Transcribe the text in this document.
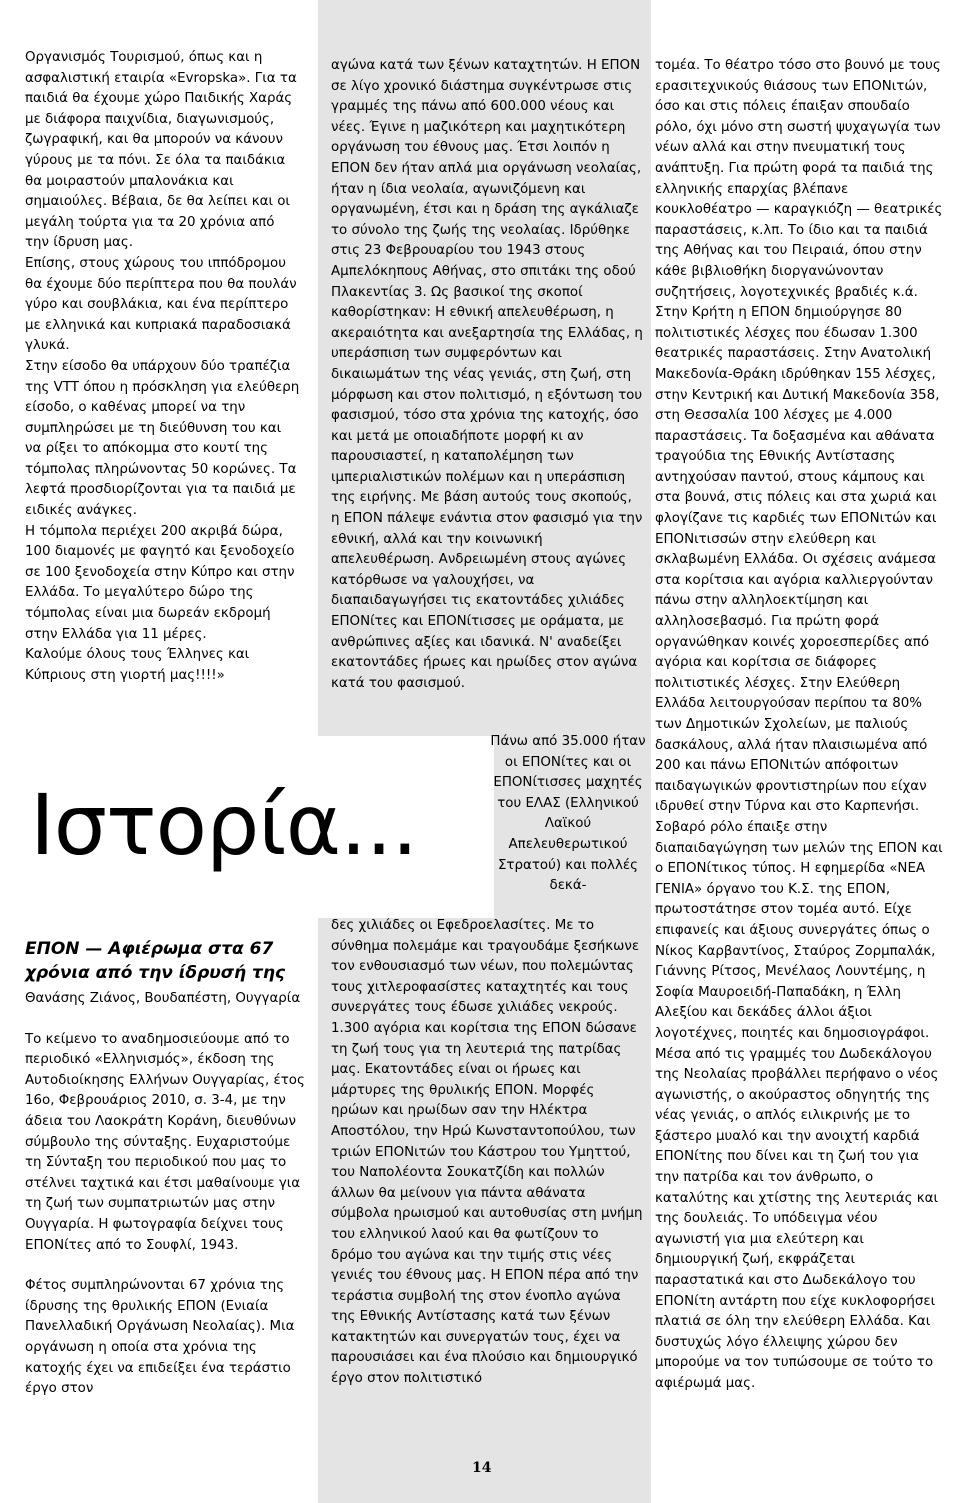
Οργανισμός Τουρισμού, όπως και η ασφαλιστική εταιρία «Evropska». Για τα παιδιά θα έχουμε χώρο Παιδικής Χαράς με διάφορα παιχνίδια, διαγωνισμούς, ζωγραφική, και θα μπορούν να κάνουν γύρους με τα πόνι. Σε όλα τα παιδάκια θα μοιραστούν μπαλονάκια και σημαιούλες. Βέβαια, δε θα λείπει και οι μεγάλη τούρτα για τα 20 χρόνια από την ίδρυση μας.

Επίσης, στους χώρους του ιππόδρομου θα έχουμε δύο περίπτερα που θα πουλάν γύρο και σουβλάκια, και ένα περίπτερο με ελληνικά και κυπριακά παραδοσιακά γλυκά.

Στην είσοδο θα υπάρχουν δύο τραπέζια της VTT όπου η πρόσκληση για ελεύθερη είσοδο, ο καθένας μπορεί να την συμπληρώσει με τη διεύθυνση του και να ρίξει το απόκομμα στο κουτί της τόμπολας πληρώνοντας 50 κορώνες. Τα λεφτά προσδιορίζονται για τα παιδιά με ειδικές ανάγκες.

Η τόμπολα περιέχει 200 ακριβά δώρα, 100 διαμονές με φαγητό και ξενοδοχείο σε 100 ξενοδοχεία στην Κύπρο και στην Ελλάδα. Το μεγαλύτερο δώρο της τόμπολας είναι μια δωρεάν εκδρομή στην Ελλάδα για 11 μέρες.

Καλούμε όλους τους Έλληνες και Κύπριους στη γιορτή μας!!!!»

Ιστορία...

ΕΠΟΝ — Αφιέρωμα στα 67 χρόνια από την ίδρυσή της

Θανάσης Ζιάνος, Βουδαπέστη, Ουγγαρία

Το κείμενο το αναδημοσιεύουμε από το περιοδικό «Ελληνισμός», έκδοση της Αυτοδιοίκησης Ελλήνων Ουγγαρίας, έτος 16ο, Φεβρουάριος 2010, σ. 3-4, με την άδεια του Λαοκράτη Κοράνη, διευθύνων σύμβουλο της σύνταξης. Ευχαριστούμε τη Σύνταξη του περιοδικού που μας το στέλνει ταχτικά και έτσι μαθαίνουμε για τη ζωή των συμπατριωτών μας στην Ουγγαρία. Η φωτογραφία δείχνει τους ΕΠΟΝίτες από το Σουφλί, 1943.

Φέτος συμπληρώνονται 67 χρόνια της ίδρυσης της θρυλικής ΕΠΟΝ (Ενιαία Πανελλαδική Οργάνωση Νεολαίας). Μια οργάνωση η οποία στα χρόνια της κατοχής έχει να επιδείξει ένα τεράστιο έργο στον

αγώνα κατά των ξένων καταχτητών. Η ΕΠΟΝ σε λίγο χρονικό διάστημα συγκέντρωσε στις γραμμές της πάνω από 600.000 νέους και νέες. Έγινε η μαζικότερη και μαχητικότερη οργάνωση του έθνους μας. Έτσι λοιπόν η ΕΠΟΝ δεν ήταν απλά μια οργάνωση νεολαίας, ήταν η ίδια νεολαία, αγωνιζόμενη και οργανωμένη, έτσι και η δράση της αγκάλιαζε το σύνολο της ζωής της νεολαίας. Ιδρύθηκε στις 23 Φεβρουαρίου του 1943 στους Αμπελόκηπους Αθήνας, στο σπιτάκι της οδού Πλακεντίας 3. Ως βασικοί της σκοποί καθορίστηκαν: Η εθνική απελευθέρωση, η ακεραιότητα και ανεξαρτησία της Ελλάδας, η υπεράσπιση των συμφερόντων και δικαιωμάτων της νέας γενιάς, στη ζωή, στη μόρφωση και στον πολιτισμό, η εξόντωση του φασισμού, τόσο στα χρόνια της κατοχής, όσο και μετά με οποιαδήποτε μορφή κι αν παρουσιαστεί, η καταπολέμηση των ιμπεριαλιστικών πολέμων και η υπεράσπιση της ειρήνης. Με βάση αυτούς τους σκοπούς, η ΕΠΟΝ πάλεψε ενάντια στον φασισμό για την εθνική, αλλά και την κοινωνική απελευθέρωση. Ανδρειωμένη στους αγώνες κατόρθωσε να γαλουχήσει, να διαπαιδαγωγήσει τις εκατοντάδες χιλιάδες ΕΠΟΝίτες και ΕΠΟΝίτισσες με οράματα, με ανθρώπινες αξίες και ιδανικά. Ν' αναδείξει εκατοντάδες ήρωες και ηρωίδες στον αγώνα κατά του φασισμού.

Πάνω από 35.000 ήταν οι ΕΠΟΝίτες και οι ΕΠΟΝίτισσες μαχητές του ΕΛΑΣ (Ελληνικού Λαϊκού Απελευθερωτικού Στρατού) και πολλές δεκά-

δες χιλιάδες οι Εφεδροελασίτες. Με το σύνθημα πολεμάμε και τραγουδάμε ξεσήκωνε τον ενθουσιασμό των νέων, που πολεμώντας τους χιτλεροφασίστες καταχτητές και τους συνεργάτες τους έδωσε χιλιάδες νεκρούς. 1.300 αγόρια και κορίτσια της ΕΠΟΝ δώσανε τη ζωή τους για τη λευτεριά της πατρίδας μας. Εκατοντάδες είναι οι ήρωες και μάρτυρες της θρυλικής ΕΠΟΝ. Μορφές ηρώων και ηρωίδων σαν την Ηλέκτρα Αποστόλου, την Ηρώ Κωνσταντοπούλου, των τριών ΕΠΟΝιτών του Κάστρου του Υμηττού, του Ναπολέοντα Σουκατζίδη και πολλών άλλων θα μείνουν για πάντα αθάνατα σύμβολα ηρωισμού και αυτοθυσίας στη μνήμη του ελληνικού λαού και θα φωτίζουν το δρόμο του αγώνα και την τιμής στις νέες γενιές του έθνους μας. Η ΕΠΟΝ πέρα από την τεράστια συμβολή της στον ένοπλο αγώνα της Εθνικής Αντίστασης κατά των ξένων κατακτητών και συνεργατών τους, έχει να παρουσιάσει και ένα πλούσιο και δημιουργικό έργο στον πολιτιστικό

τομέα. Το θέατρο τόσο στο βουνό με τους ερασιτεχνικούς θιάσους των ΕΠΟΝιτών, όσο και στις πόλεις έπαιξαν σπουδαίο ρόλο, όχι μόνο στη σωστή ψυχαγωγία των νέων αλλά και στην πνευματική τους ανάπτυξη. Για πρώτη φορά τα παιδιά της ελληνικής επαρχίας βλέπανε κουκλοθέατρο — καραγκιόζη — θεατρικές παραστάσεις, κ.λπ. Το ίδιο και τα παιδιά της Αθήνας και του Πειραιά, όπου στην κάθε βιβλιοθήκη διοργανώνονταν συζητήσεις, λογοτεχνικές βραδιές κ.ά. Στην Κρήτη η ΕΠΟΝ δημιούργησε 80 πολιτιστικές λέσχες που έδωσαν 1.300 θεατρικές παραστάσεις. Στην Ανατολική Μακεδονία-Θράκη ιδρύθηκαν 155 λέσχες, στην Κεντρική και Δυτική Μακεδονία 358, στη Θεσσαλία 100 λέσχες με 4.000 παραστάσεις. Τα δοξασμένα και αθάνατα τραγούδια της Εθνικής Αντίστασης αντηχούσαν παντού, στους κάμπους και στα βουνά, στις πόλεις και στα χωριά και φλογίζανε τις καρδιές των ΕΠΟΝιτών και ΕΠΟΝιτισσών στην ελεύθερη και σκλαβωμένη Ελλάδα. Οι σχέσεις ανάμεσα στα κορίτσια και αγόρια καλλιεργούνταν πάνω στην αλληλοεκτίμηση και αλληλοσεβασμό. Για πρώτη φορά οργανώθηκαν κοινές χοροεσπερίδες από αγόρια και κορίτσια σε διάφορες πολιτιστικές λέσχες. Στην Ελεύθερη Ελλάδα λειτουργούσαν περίπου τα 80% των Δημοτικών Σχολείων, με παλιούς δασκάλους, αλλά ήταν πλαισιωμένα από 200 και πάνω ΕΠΟΝιτών απόφοιτων παιδαγωγικών φροντιστηρίων που είχαν ιδρυθεί στην Τύρνα και στο Καρπενήσι. Σοβαρό ρόλο έπαιξε στην διαπαιδαγώγηση των μελών της ΕΠΟΝ και ο ΕΠΟΝίτικος τύπος. Η εφημερίδα «ΝΕΑ ΓΕΝΙΑ» όργανο του Κ.Σ. της ΕΠΟΝ, πρωτοστάτησε στον τομέα αυτό. Είχε επιφανείς και άξιους συνεργάτες όπως ο Νίκος Καρβαντίνος, Σταύρος Ζορμπαλάκ, Γιάννης Ρίτσος, Μενέλαος Λουντέμης, η Σοφία Μαυροειδή-Παπαδάκη, η Έλλη Αλεξίου και δεκάδες άλλοι άξιοι λογοτέχνες, ποιητές και δημοσιογράφοι. Μέσα από τις γραμμές του Δωδεκάλογου της Νεολαίας προβάλλει περήφανο ο νέος αγωνιστής, ο ακούραστος οδηγητής της νέας γενιάς, ο απλός ειλικρινής με το ξάστερο μυαλό και την ανοιχτή καρδιά ΕΠΟΝίτης που δίνει και τη ζωή του για την πατρίδα και τον άνθρωπο, ο καταλύτης και χτίστης της λευτεριάς και της δουλειάς. Το υπόδειγμα νέου αγωνιστή για μια ελεύτερη και δημιουργική ζωή, εκφράζεται παραστατικά και στο Δωδεκάλογο του ΕΠΟΝίτη αντάρτη που είχε κυκλοφορήσει πλατιά σε όλη την ελεύθερη Ελλάδα. Και δυστυχώς λόγο έλλειψης χώρου δεν μπορούμε να τον τυπώσουμε σε τούτο το αφιέρωμά μας.

14
